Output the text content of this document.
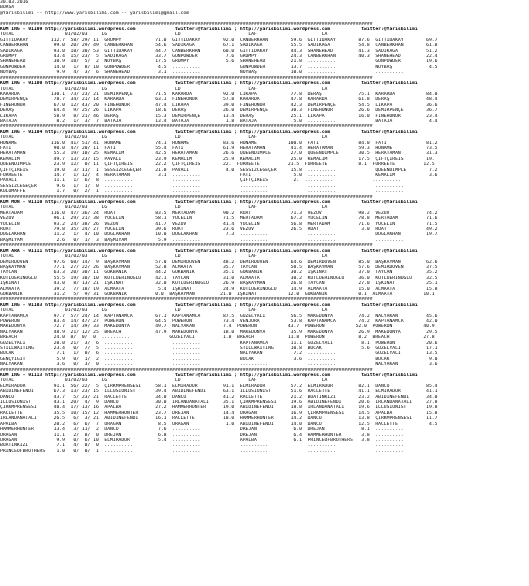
30.03.2016
BURSA
@Yarisbilimi -- http://www.yarisbilimi.com -- yarisbilimi@gmail.com
####################################################################################################################################
KUM ING - 91109 http://yarisbilimi.wordpress.com              twitter:@Yarisbilimi ; http://yarisbilimi.wordpress.com           twitter:@Yarisbilimi
TOTAL                  01/02/03     LG                        LD                        LAF                       LA
GİTTİDAKAY        112.7  58/ 29/ 11  GRUMPY            71.0  GİTTİDAKAY        92.0  CANBERKHAN        59.6  GİTTİDAKAY        87.6  GİTTİDAKAY        69.7
CANBERKHAN         99.0  20/ 29/ 49  CANBERKHAN        54.6  SADIKAĞA          67.1  SADIKAĞA          55.5  SADIKAĞA          54.8  CANBERKHAN        61.8
SADIKAĞA           93.0  18/ 30/ 53  GİTTİDAKAY        44.7  CANBERKHAN        60.0  GİTTİDAKAY        44.3  SHANEHEAD         41.3  SADIKAĞA          51.2
GRUMPY             43.4  15/ 23/  5  SADIKAĞA          33.7  GUNPOWDER          7.6  GRUMPY            24.3  CANBERKHAN        40.3  SHANEHEAD         22.4
SHANEHEAD          30.9  18/  5/  2  NOYBAŞ            17.5  GRUMPY             5.6  SHANEHEAD         21.8  ..........              GUNPOWDER         19.6
GUNPOWDER          14.0   1/  8/ 10  GUNPOWDER          4.5  ..........              GUNPOWDER         13.7  ..........              NOYBAŞ             4.5
NOYBAŞ              9.9   4/  3/  6  SHANEHEAD          3.1  ..........              NOYBAŞ            10.0  ..........              ..........
####################################################################################################################################
KUM ING - 91100 http://yarisbilimi.wordpress.com              twitter:@Yarisbilimi ; http://yarisbilimi.wordpress.com           twitter:@Yarisbilimi
TOTAL                  01/02/03     LG                        LD                        LAF                       LA
KARARDA           130.1  73/ 23/ 21  DEMİRPENÇE        71.5  KARARDA           92.0  LİKAPA            77.8  DERAŞ             75.1  KARARDA           84.0
DEMİRPENÇE         78.7  34/ 21/ 14  KARARDA           63.1  FİNEHONOR         57.8  KARARDA           47.8  KARARDA           61.8  DERAŞ             48.4
FİNEHONOR          67.0  12/ 43/ 20  FİNEHONOR         47.4  LİKAPA            39.0  FİNEHONOR         42.3  DEMİRPENÇE        54.5  LİKAPA            36.6
DERAŞ              64.4   9/ 25/ 26  LİKAPA            18.6  DERAŞ             26.0  DEMİRPENÇE        30.3  FİNEHONOR         26.6  DEMİRPENÇE        36.7
LİKAPA             58.9   8/ 21/ 46  DERAŞ             15.3  DEMİRPENÇE        13.4  DERAŞ             25.1  LİKAPA            16.0  FİNEHONOR         23.4
BATAJA              8.2   1/  3/  7  BATAJA            13.4  BATAJA             1.8  BATAJA             5.0  ..........              BATAJA             4.4
####################################################################################################################################
KUM ING - 91104 http://yarisbilimi.wordpress.com              twitter:@Yarisbilimi ; http://yarisbilimi.wordpress.com           twitter:@Yarisbilimi
TOTAL                  01/02/03     LG                        LD                        LAF                       LA
HONAME            116.0  41/ 51/ 41  HONAME            74.1  HONAME            83.6  HONAME           100.0  FATİ              84.0  FATİ              81.2
FATİ               90.0  47/ 20/ 11  FATİ              55.4  FATİ              61.9  HERATAMAN         41.4  HERATAMAN         59.3  HONAME            73.5
HERATAMAN          55.3  19/ 10/ 25  KEMALİM           42.5  HERATAMAN         26.6  QUEENDIMPLE       27.0  QUEENDIMPLE       30.5  HERATAMAN         31.3
KEMALİM            49.7  13/ 23/ 15  PAVALİ            23.9  KEMALİM           25.9  KEMALİM           25.0  KEMALİM           17.5  ÇİFTÇİREIS        19.
QUEENDIMPLE        23.9  12/  0/ 11  ÇİFTÇİREIS        22.2  ÇİFTÇİREIS        22.  FURREETE          21.5  FURREETE           8.1  FURREETE          12.5
ÇİFTÇİREIS         19.0   3/ 11/  1  SESSİZCEGEÇER     21.8  PAVALİ             4.0  SESSİZCEGEÇER     15.8  ..........              QUEENDIMPLE        7.2
FURREETE           14.7   1/ 12/  4  HERATAMAN          3.1  ..........              FATİ               5.0  ..........              KEMALİM            3.6
PAVALİ             11.1   1/  6/  8  ..........              ..........              ÇİFTÇİREIS         2.  ..........              ..........
SESSİZCEGEÇER       9.6   1/  1/  0  ..........              ..........              ..........              ..........              ..........
KULOMAFFE           1.7   0/  2/  1  ..........              ..........              ..........              ..........              ..........
####################################################################################################################################
KUM MDN - 91110 http://yarisbilimi.wordpress.com              twitter:@Yarisbilimi ; http://yarisbilimi.wordpress.com           twitter:@Yarisbilimi
TOTAL                  01/02/03     LG                        LD                        LAF                       LA
MERTADAM          116.0  47/ 36/ 24  RUAT              83.5  MERTADAM          90.2  RUAT              71.3  VEZUV             98.2  VEZUV             74.2
VEZUV              96.1  29/ 21/ 38  YÜCELİN           58.1  YÜCELİN           71.5  MERTADAM          67.3  YÜCELİN           78.8  MERTADAM          71.6
YÜCELİN            93.2  24/ 38/ 26  VEZUV             41.7  VEZUV             41.4  YÜCELİN           56.8  MERTADAM          71.6  YÜCELİN           71.5
RUAT               79.8  35/ 24/ 27  YÜCELİN           39.6  RUAT              23.6  VEZUV             26.5  RUAT               3.0  RUAT              49.2
DÜĞLAKHAN          11.2   1/  4/ 10  DÜĞLAKHAN         10.0  DÜĞLAKHAN          7.3  ..........              ..........              DÜĞLAKHAN         19.7
BAŞMIYAM            2.6   0/  1/  3  BAŞMIYAM           5.9  ..........              ..........              ..........              ..........
####################################################################################################################################
KUM ARA - 91111 http://yarisbilimi.wordpress.com              twitter:@Yarisbilimi ; http://yarisbilimi.wordpress.com           twitter:@Yarisbilimi
TOTAL                  01/02/03     LG                        LD                        LAF                       LA
DEMİRDOVEN         97.6  60/ 14/  9  BAŞKAYMAN         57.0  DEMİRDOVEN        48.2  DEMİRDOVEN        64.6  DEMİRDOVEN        85.0  BAŞKAYMAN         62.6
BAŞKAYMAN          77.1  27/ 22/ 26  BAŞKAYMAN         52.8  ALMAATA           35.7  TAYCAN            50.5  BAŞKAYMAN         57.6  DEMİRDOVEN        37.5
TAYCAN             63.3  20/ 30/ 11  GÖKBANIK          44.2  GÖKBANIK          35.1  GÖKBANIK          30.2  İŞKINAT           37.0  TAYCAN            35.2
KUTLUERINOĞLU      55.5  19/ 30/ 10  KUTLUERINOĞLU     42.1  TAYCAN            31.0  ALMAATA           30.2  KUTLUERINOĞLU     36.0  KUTLUERINOĞLU     32.5
İŞKINAT            43.0   8/ 13/ 21  İŞKINAT           32.0  KUTLUERINOĞLU     26.9  BAŞKAYMAN         26.8  TAYCAN            27.0  İŞKINAT           25.1
ALMAATA            39.2   7/ 18/ 19  ALMAATA            5.4  İŞKINAT           24.9  KUTLUERINOĞLU     14.9  ALMAATA           15.0  ALMAATA           15.8
GOKBANIK           31.2   5/  9/ 31  GOKBANIK          0.0  BAŞKAYMAN         21.0  İŞKINAT           12.0  GOKBANIK           0.1  ALMAATA           10.1
####################################################################################################################################
KUM ING - 91103 http://yarisbilimi.wordpress.com              twitter:@Yarisbilimi ; http://yarisbilimi.wordpress.com           twitter:@Yarisbilimi
TOTAL                  01/02/03     LG                        LD                        LAF                       LA
KAPTANAMCA         97.7  57/ 24/ 14  KAPTANAMCA        67.1  KAPTANAMCA        87.5  GÜZELYALI         56.5  MAKEDONYA         74.2  NALYAKAN          45.6
POWERON            83.4  14/ 47/ 27  POWERON           64.5  POWERON           73.4  VENJURA           53.8  KAPTANAMCA        74.2  KAPTANAMCA        42.0
MAKEDONYA          72.7  14/ 39/ 33  MAKEDONYA         49.7  NALYAKAN          7.4  POWERON           43.7  POWERON           52.0  POWERON           40.9
NALYAKAN           48.9  21/ 12/ 25  BREACH            47.9  MAKEDONYA         18.0  MAKEDONYA         35.9  MAKEDONYA         26.9  MAKEDONYA         29.5
BREACH             24.0  8/  0/  0  ..........              GÜZELYALI          1.8  BREACH            11.8  POWERON            8.2  BREACH            27.8
GÜZELYALI          20.0  21/  3/  6  ..........              ..........              KAPTANAMCA        11.1  GÜZELYALI          8.1  POWERON           20.6
STILLWAITING       23.4   0/  7/  5  ..........              ..........              STILLWAITING      10.8  BUCAK              5.6  GÜZELYALI         17.1
BUCAK               7.1   1/  0/  6  ..........              ..........              NALYAKAN           7.2  ..........              GÜZELYALI         13.5
GENÇYİĞİT           5.9   0/  1/  2  ..........              ..........              BUCAK              3.6  ..........              BUCAK              9.0
NALYAKAN            3.6   0/  3/  0  ..........              ..........              ..........              ..........              NALYAKAN           3.6
####################################################################################################################################
KUM ING - 91113 http://yarisbilimi.wordpress.com              twitter:@Yarisbilimi ; http://yarisbilimi.wordpress.com           twitter:@Yarisbilimi
TOTAL                  01/02/03     LG                        LD                        LAF                       LA
ELMIRADOR          91.1  56/ 22/  5  ÇIRKMPRENSESİ     58.1  ELMIRADOR         91.1  ELMIRADOR         57.2  ELMIRADOR         82.1  DANCO             85.4
ABIDINEFENDI       67.3  13/ 23/ 15  İLLUSIONIST       39.4  ABIDINEFENDI      63.1  İLLUSIONIST       51.6  RACLETTE          41.1  ELMIRADOR         41.1
DANCO              43.7   5/ 23/ 21  RACLETTE          34.0  DANCO             41.2  RACLETTE          21.2  BUATINKIZI        23.2  ABIDINEFENDI      34.0
İLLUSIONIST        43.1  20/  4/  9  DANCO             30.0  İRLANDANATALI     35.1  ÇIRKMPRENSESİ     19.6  ABIDINEFENDI      20.6  İRLANDANATALI     27.8
ÇIRKMPRENSESİ      40.4  17/ 13/ 16  APALBA            27.2  HAMMERHUNTER      19.0  ABIDINEFENDI      18.8  İRLANDANATALI     19.6  İLLUSIONIST       19.8
RACLETTE           35.5  10/ 15/ 12  HAMMERHUNTER      23.7  DREJAN            14.4  URAGAN            16.9  ÇIRKMPRENSESİ     14.5  APALBA            15.8
İRLANDANATALI      26.5   6/  3/ 21  ABIDINEFENDI      16.1  RACLETTE          10.0  HAMMERHUNTER      14.2  DANCO             13.8  ÇIRKMPRENSESİ     11.7
APALBA             20.2   6/  6/  7  URAGAN             8.5  URAGAN             1.0  ABIDINEFENDI      14.0  DANCO             12.5  RACLETTE           4.5
HAMMERHUNTER       13.4   3/ 11/  2  DANCO              7.6  ..........              DREJAN             6.0  DREJAN             8.1  ..........
URAGAN             11.1   2/  8/  0  DREJAN             6.8  ..........              DREJAN             6.4  HAMMERHUNTER       3.8  ..........
URAGAN              9.9   0/  6/ 10  ELMIRADOR          5.4  ..........              APALBA             6.1  PRINCEOFBROTHERS   3.8  ..........
BUATINKIZI          7.1   4/  0/  0  ..........              ..........              ..........              ..........              ..........
PRINCEOFBROTHERS    1.0   0/  0/  1  ..........              ..........              ..........              ..........              ..........
